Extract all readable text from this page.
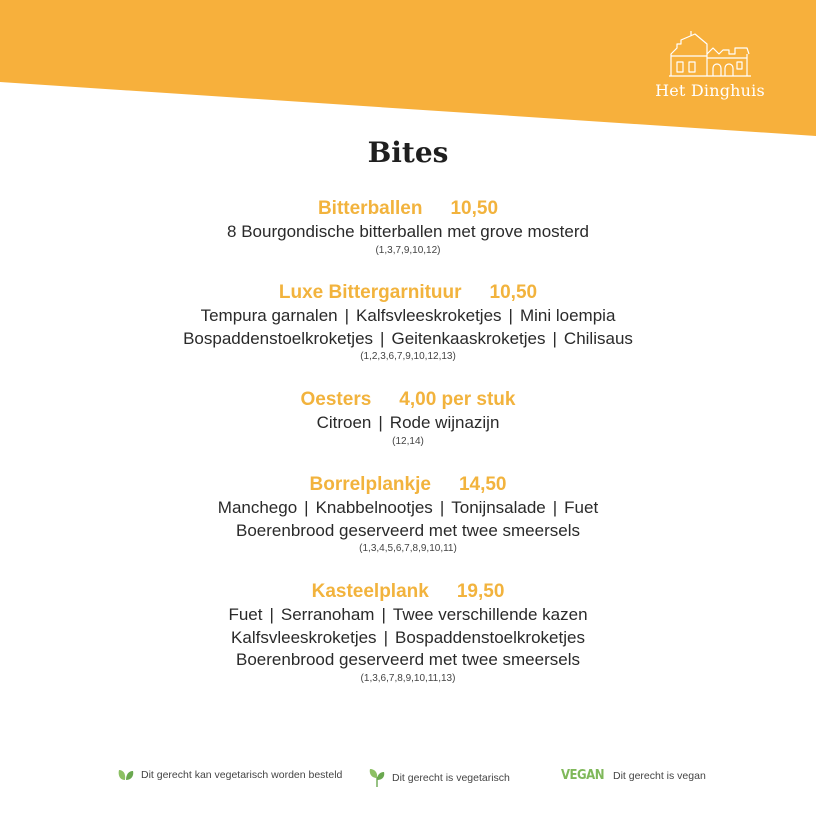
Het Dinghuis
Bites
Bitterballen 10,50
8 Bourgondische bitterballen met grove mosterd
(1,3,7,9,10,12)
Luxe Bittergarnituur 10,50
Tempura garnalen | Kalfsvleeskroketjes | Mini loempia
Bospaddenstoelkroketjes | Geitenkaaskroketjes | Chilisaus
(1,2,3,6,7,9,10,12,13)
Oesters 4,00 per stuk
Citroen | Rode wijnazijn
(12,14)
Borrelplankje 14,50
Manchego | Knabbelnootjes | Tonijnsalade | Fuet
Boerenbrood geserveerd met twee smeersels
(1,3,4,5,6,7,8,9,10,11)
Kasteelplank 19,50
Fuet | Serranoham | Twee verschillende kazen
Kalfsvleeskroketjes | Bospaddenstoelkroketjes
Boerenbrood geserveerd met twee smeersels
(1,3,6,7,8,9,10,11,13)
Dit gerecht kan vegetarisch worden besteld	Dit gerecht is vegetarisch	VEGAN Dit gerecht is vegan
